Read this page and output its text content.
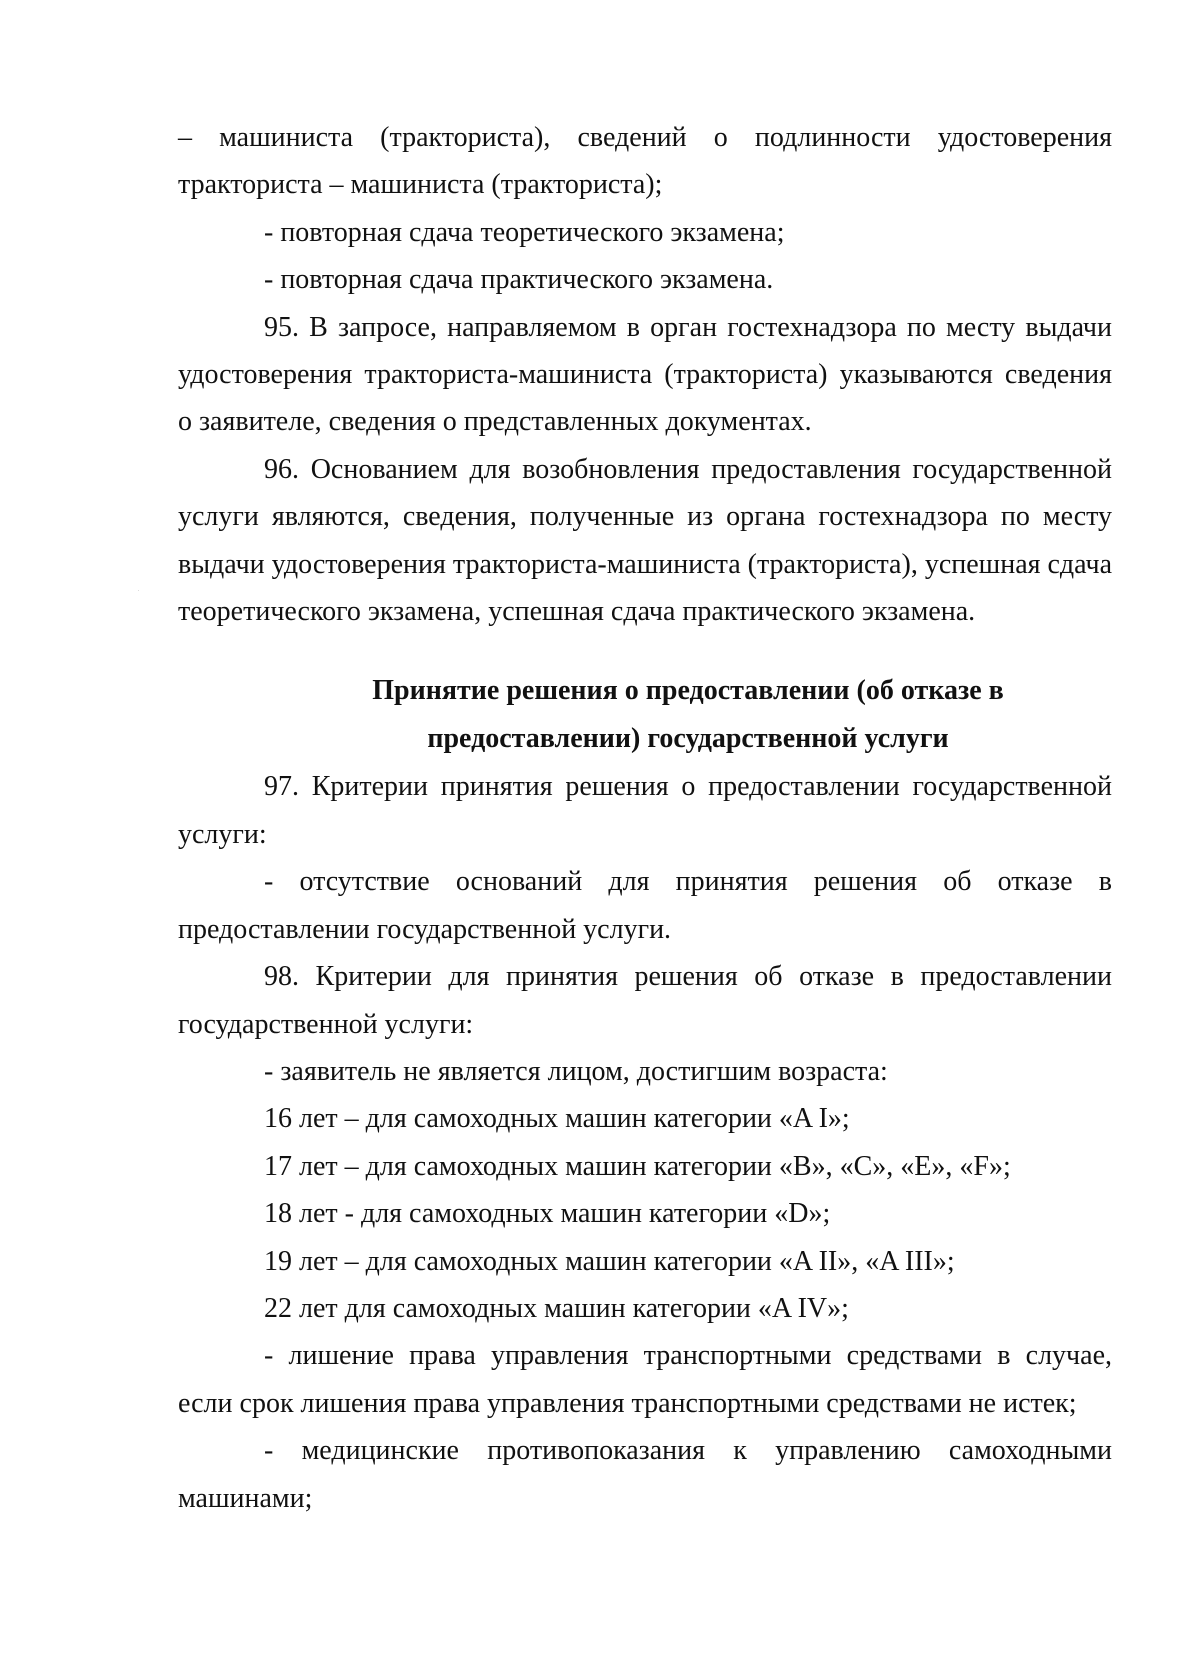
– машиниста (тракториста), сведений о подлинности удостоверения тракториста – машиниста (тракториста);

- повторная сдача теоретического экзамена;

- повторная сдача практического экзамена.

95. В запросе, направляемом в орган гостехнадзора по месту выдачи удостоверения тракториста-машиниста (тракториста) указываются сведения о заявителе, сведения о представленных документах.

96. Основанием для возобновления предоставления государственной услуги являются, сведения, полученные из органа гостехнадзора по месту выдачи удостоверения тракториста-машиниста (тракториста), успешная сдача теоретического экзамена, успешная сдача практического экзамена.

Принятие решения о предоставлении (об отказе в
предоставлении) государственной услуги

97. Критерии принятия решения о предоставлении государственной услуги:

- отсутствие оснований для принятия решения об отказе в предоставлении государственной услуги.

98. Критерии для принятия решения об отказе в предоставлении государственной услуги:

- заявитель не является лицом, достигшим возраста:

16 лет – для самоходных машин категории «A I»;

17 лет – для самоходных машин категории «B», «C», «E», «F»;

18 лет - для самоходных машин категории «D»;

19 лет – для самоходных машин категории «A II», «A III»;

22 лет для самоходных машин категории «A IV»;

- лишение права управления транспортными средствами в случае, если срок лишения права управления транспортными средствами не истек;

- медицинские противопоказания к управлению самоходными машинами;
